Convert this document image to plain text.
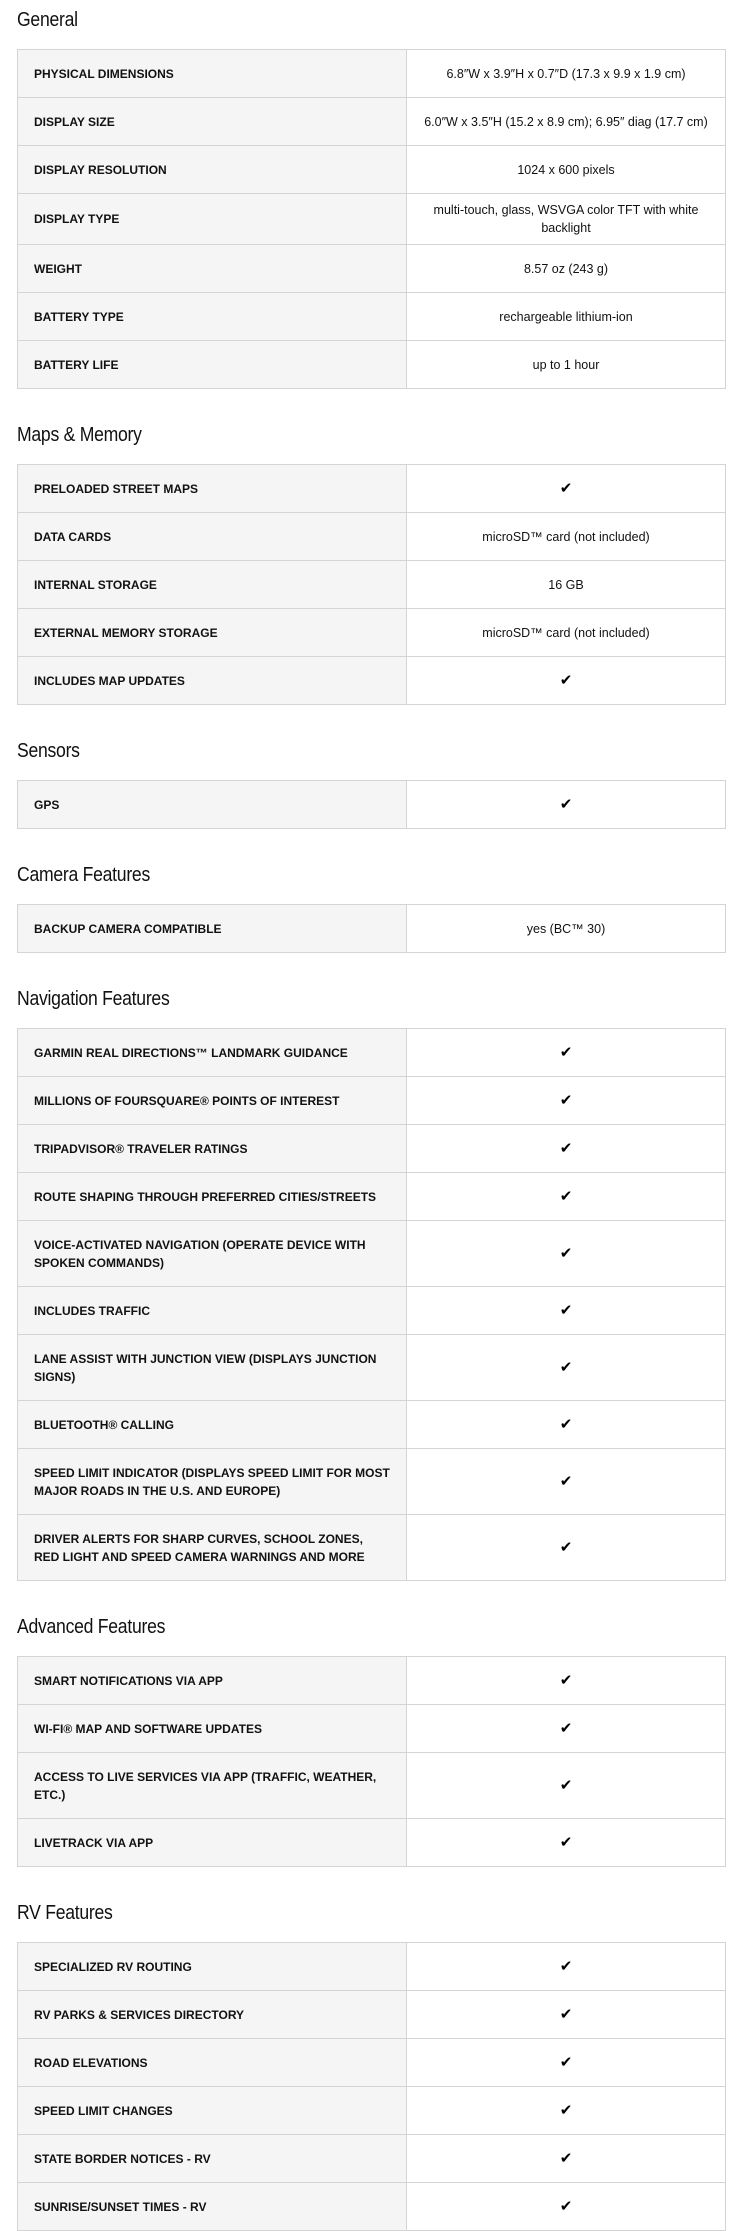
General
PHYSICAL DIMENSIONS	6.8″W x 3.9″H x 0.7″D (17.3 x 9.9 x 1.9 cm)
DISPLAY SIZE	6.0″W x 3.5″H (15.2 x 8.9 cm); 6.95″ diag (17.7 cm)
DISPLAY RESOLUTION	1024 x 600 pixels
DISPLAY TYPE	multi-touch, glass, WSVGA color TFT with white backlight
WEIGHT	8.57 oz (243 g)
BATTERY TYPE	rechargeable lithium-ion
BATTERY LIFE	up to 1 hour
Maps & Memory
PRELOADED STREET MAPS	✔
DATA CARDS	microSD™ card (not included)
INTERNAL STORAGE	16 GB
EXTERNAL MEMORY STORAGE	microSD™ card (not included)
INCLUDES MAP UPDATES	✔
Sensors
GPS	✔
Camera Features
BACKUP CAMERA COMPATIBLE	yes (BC™ 30)
Navigation Features
GARMIN REAL DIRECTIONS™ LANDMARK GUIDANCE	✔
MILLIONS OF FOURSQUARE® POINTS OF INTEREST	✔
TRIPADVISOR® TRAVELER RATINGS	✔
ROUTE SHAPING THROUGH PREFERRED CITIES/STREETS	✔
VOICE-ACTIVATED NAVIGATION (OPERATE DEVICE WITH SPOKEN COMMANDS)	✔
INCLUDES TRAFFIC	✔
LANE ASSIST WITH JUNCTION VIEW (DISPLAYS JUNCTION SIGNS)	✔
BLUETOOTH® CALLING	✔
SPEED LIMIT INDICATOR (DISPLAYS SPEED LIMIT FOR MOST MAJOR ROADS IN THE U.S. AND EUROPE)	✔
DRIVER ALERTS FOR SHARP CURVES, SCHOOL ZONES, RED LIGHT AND SPEED CAMERA WARNINGS AND MORE	✔
Advanced Features
SMART NOTIFICATIONS VIA APP	✔
WI-FI® MAP AND SOFTWARE UPDATES	✔
ACCESS TO LIVE SERVICES VIA APP (TRAFFIC, WEATHER, ETC.)	✔
LIVETRACK VIA APP	✔
RV Features
SPECIALIZED RV ROUTING	✔
RV PARKS & SERVICES DIRECTORY	✔
ROAD ELEVATIONS	✔
SPEED LIMIT CHANGES	✔
STATE BORDER NOTICES - RV	✔
SUNRISE/SUNSET TIMES - RV	✔
